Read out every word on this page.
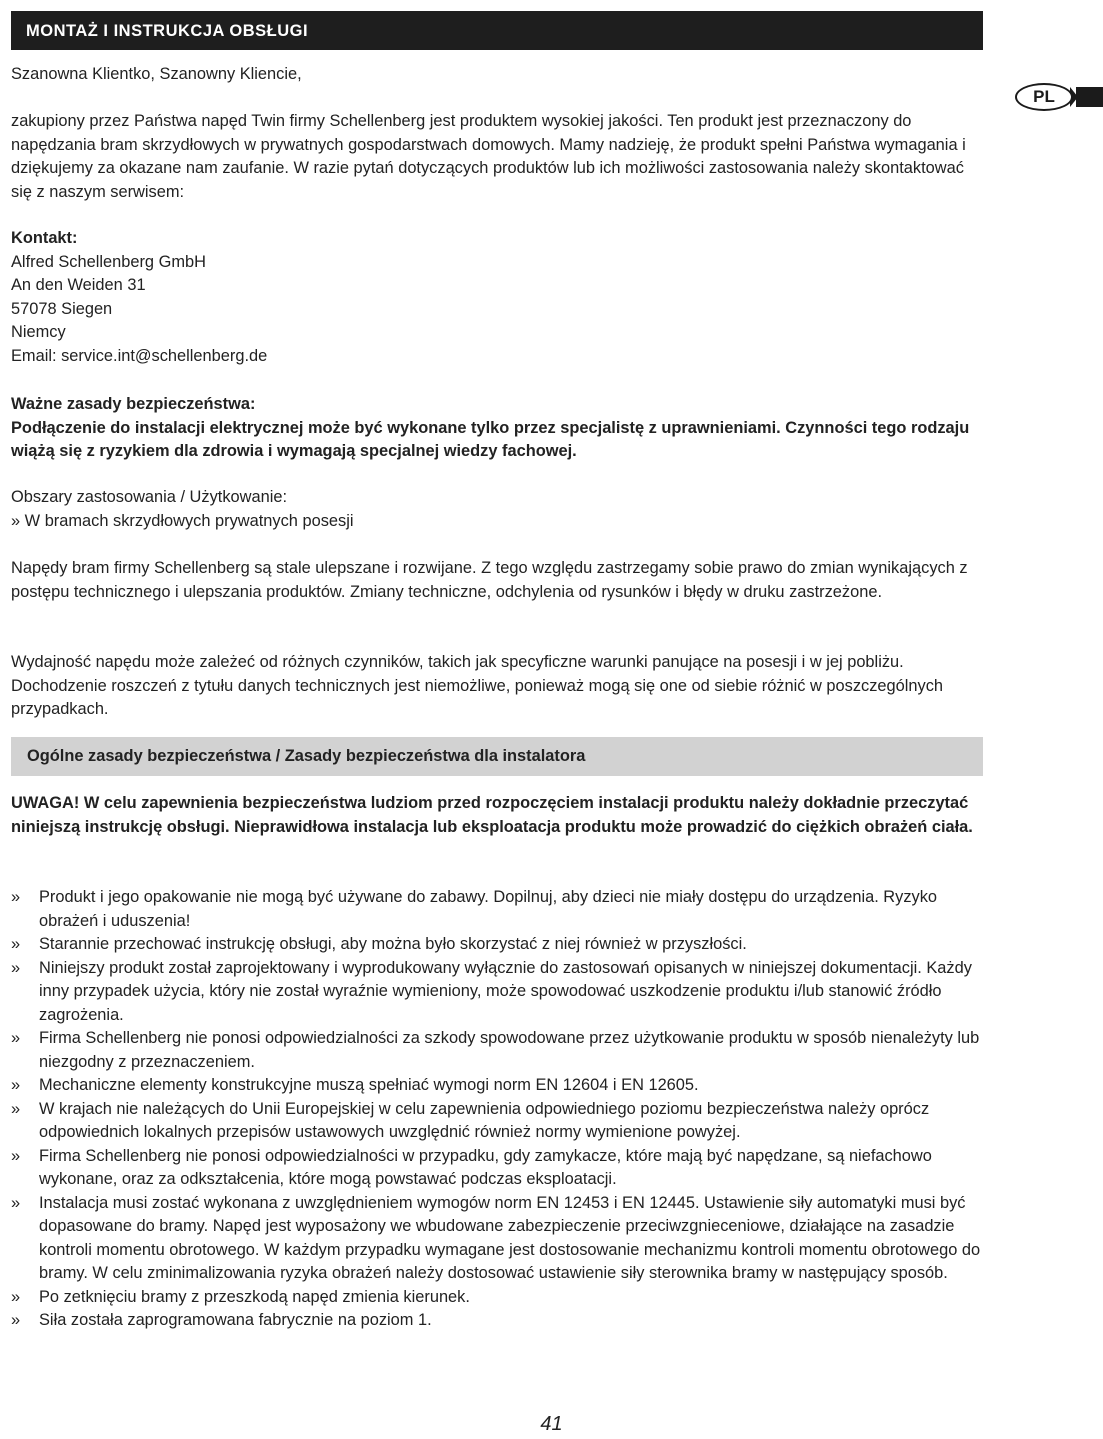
MONTAŻ I INSTRUKCJA OBSŁUGI
PL

Szanowna Klientko, Szanowny Kliencie,

zakupiony przez Państwa napęd Twin firmy Schellenberg jest produktem wysokiej jakości. Ten produkt jest przeznaczony do napędzania bram skrzydłowych w prywatnych gospodarstwach domowych. Mamy nadzieję, że produkt spełni Państwa wymagania i dziękujemy za okazane nam zaufanie. W razie pytań dotyczących produktów lub ich możliwości zastosowania należy skontaktować się z naszym serwisem:

Kontakt:

Alfred Schellenberg GmbH

An den Weiden 31

57078 Siegen

Niemcy

Email: service.int@schellenberg.de

Ważne zasady bezpieczeństwa:

Podłączenie do instalacji elektrycznej może być wykonane tylko przez specjalistę z uprawnieniami. Czynności tego rodzaju wiążą się z ryzykiem dla zdrowia i wymagają specjalnej wiedzy fachowej.

Obszary zastosowania / Użytkowanie:

» W bramach skrzydłowych prywatnych posesji

Napędy bram firmy Schellenberg są stale ulepszane i rozwijane. Z tego względu zastrzegamy sobie prawo do zmian wynikających z postępu technicznego i ulepszania produktów. Zmiany techniczne, odchylenia od rysunków i błędy w druku zastrzeżone.

Wydajność napędu może zależeć od różnych czynników, takich jak specyficzne warunki panujące na posesji i w jej pobliżu. Dochodzenie roszczeń z tytułu danych technicznych jest niemożliwe, ponieważ mogą się one od siebie różnić w poszczególnych przypadkach.

Ogólne zasady bezpieczeństwa / Zasady bezpieczeństwa dla instalatora

UWAGA! W celu zapewnienia bezpieczeństwa ludziom przed rozpoczęciem instalacji produktu należy dokładnie przeczytać niniejszą instrukcję obsługi. Nieprawidłowa instalacja lub eksploatacja produktu może prowadzić do ciężkich obrażeń ciała.

» Produkt i jego opakowanie nie mogą być używane do zabawy. Dopilnuj, aby dzieci nie miały dostępu do urządzenia. Ryzyko obrażeń i uduszenia!
» Starannie przechować instrukcję obsługi, aby można było skorzystać z niej również w przyszłości.
» Niniejszy produkt został zaprojektowany i wyprodukowany wyłącznie do zastosowań opisanych w niniejszej dokumentacji. Każdy inny przypadek użycia, który nie został wyraźnie wymieniony, może spowodować uszkodzenie produktu i/lub stanowić źródło zagrożenia.
» Firma Schellenberg nie ponosi odpowiedzialności za szkody spowodowane przez użytkowanie produktu w sposób nienależyty lub niezgodny z przeznaczeniem.
» Mechaniczne elementy konstrukcyjne muszą spełniać wymogi norm EN 12604 i EN 12605.
» W krajach nie należących do Unii Europejskiej w celu zapewnienia odpowiedniego poziomu bezpieczeństwa należy oprócz odpowiednich lokalnych przepisów ustawowych uwzględnić również normy wymienione powyżej.
» Firma Schellenberg nie ponosi odpowiedzialności w przypadku, gdy zamykacze, które mają być napędzane, są niefachowo wykonane, oraz za odkształcenia, które mogą powstawać podczas eksploatacji.
» Instalacja musi zostać wykonana z uwzględnieniem wymogów norm EN 12453 i EN 12445. Ustawienie siły automatyki musi być dopasowane do bramy. Napęd jest wyposażony we wbudowane zabezpieczenie przeciwzgnieceniowe, działające na zasadzie kontroli momentu obrotowego. W każdym przypadku wymagane jest dostosowanie mechanizmu kontroli momentu obrotowego do bramy. W celu zminimalizowania ryzyka obrażeń należy dostosować ustawienie siły sterownika bramy w następujący sposób.
» Po zetknięciu bramy z przeszkodą napęd zmienia kierunek.
» Siła została zaprogramowana fabrycznie na poziom 1.
41
